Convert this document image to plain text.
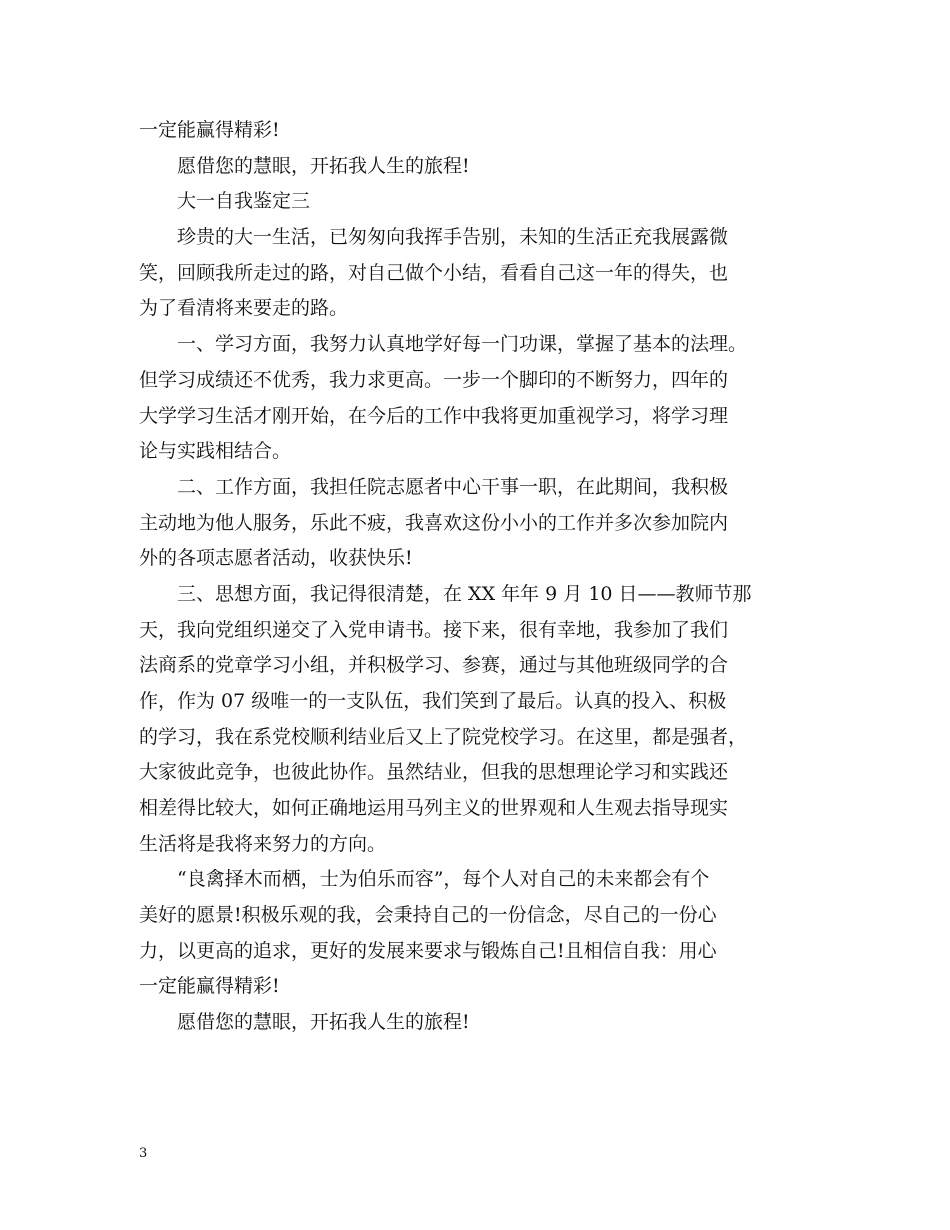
一定能赢得精彩!
愿借您的慧眼，开拓我人生的旅程!
大一自我鉴定三
珍贵的大一生活，已匆匆向我挥手告别，未知的生活正充我展露微
笑，回顾我所走过的路，对自己做个小结，看看自己这一年的得失，也
为了看清将来要走的路。
一、学习方面，我努力认真地学好每一门功课，掌握了基本的法理。
但学习成绩还不优秀，我力求更高。一步一个脚印的不断努力，四年的
大学学习生活才刚开始，在今后的工作中我将更加重视学习，将学习理
论与实践相结合。
二、工作方面，我担任院志愿者中心干事一职，在此期间，我积极
主动地为他人服务，乐此不疲，我喜欢这份小小的工作并多次参加院内
外的各项志愿者活动，收获快乐!
三、思想方面，我记得很清楚，在 XX 年年 9 月 10 日——教师节那
天，我向党组织递交了入党申请书。接下来，很有幸地，我参加了我们
法商系的党章学习小组，并积极学习、参赛，通过与其他班级同学的合
作，作为 07 级唯一的一支队伍，我们笑到了最后。认真的投入、积极
的学习，我在系党校顺利结业后又上了院党校学习。在这里，都是强者，
大家彼此竞争，也彼此协作。虽然结业，但我的思想理论学习和实践还
相差得比较大，如何正确地运用马列主义的世界观和人生观去指导现实
生活将是我将来努力的方向。
“良禽择木而栖，士为伯乐而容”，每个人对自己的未来都会有个
美好的愿景!积极乐观的我，会秉持自己的一份信念，尽自己的一份心
力，以更高的追求，更好的发展来要求与锻炼自己!且相信自我：用心
一定能赢得精彩!
愿借您的慧眼，开拓我人生的旅程!
3
